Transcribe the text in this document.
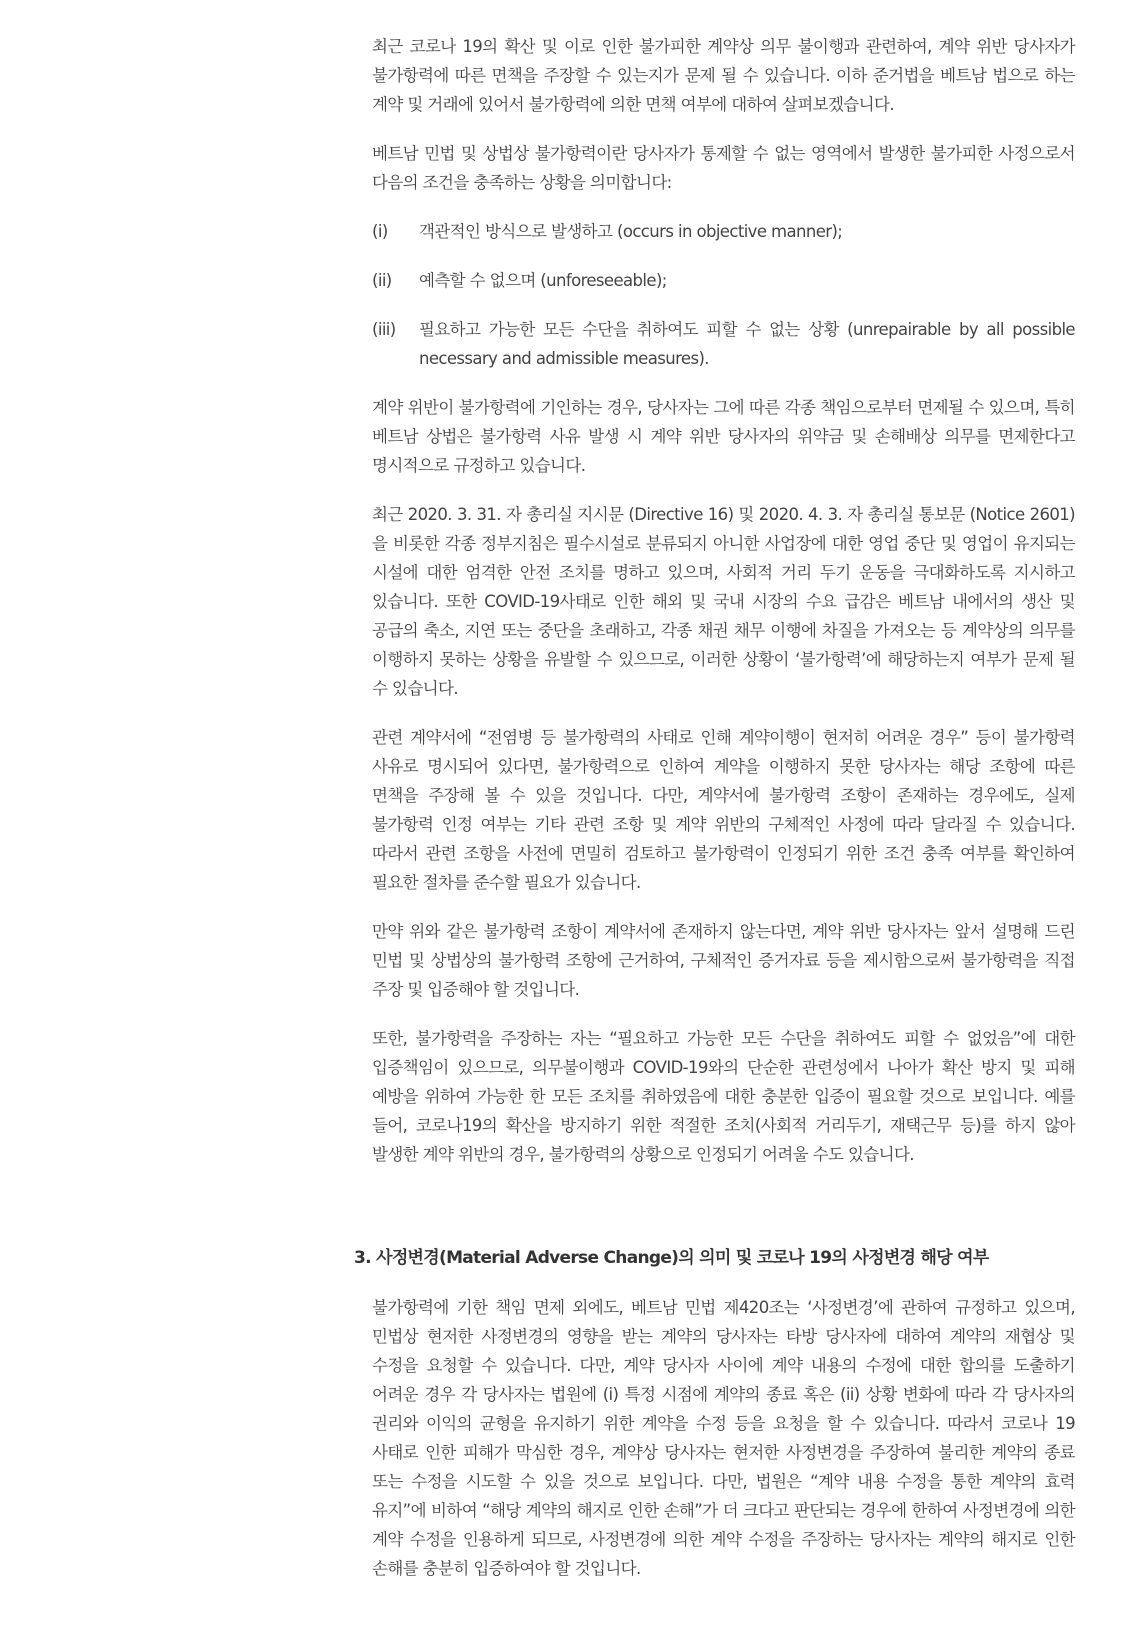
최근 코로나 19의 확산 및 이로 인한 불가피한 계약상 의무 불이행과 관련하여, 계약 위반 당사자가 불가항력에 따른 면책을 주장할 수 있는지가 문제 될 수 있습니다. 이하 준거법을 베트남 법으로 하는 계약 및 거래에 있어서 불가항력에 의한 면책 여부에 대하여 살펴보겠습니다.

베트남 민법 및 상법상 불가항력이란 당사자가 통제할 수 없는 영역에서 발생한 불가피한 사정으로서 다음의 조건을 충족하는 상황을 의미합니다:

(i)	객관적인 방식으로 발생하고 (occurs in objective manner);
(ii)	예측할 수 없으며 (unforeseeable);
(iii)	필요하고 가능한 모든 수단을 취하여도 피할 수 없는 상황 (unrepairable by all possible necessary and admissible measures).

계약 위반이 불가항력에 기인하는 경우, 당사자는 그에 따른 각종 책임으로부터 면제될 수 있으며, 특히 베트남 상법은 불가항력 사유 발생 시 계약 위반 당사자의 위약금 및 손해배상 의무를 면제한다고 명시적으로 규정하고 있습니다.

최근 2020. 3. 31. 자 총리실 지시문 (Directive 16) 및 2020. 4. 3. 자 총리실 통보문 (Notice 2601)을 비롯한 각종 정부지침은 필수시설로 분류되지 아니한 사업장에 대한 영업 중단 및 영업이 유지되는 시설에 대한 엄격한 안전 조치를 명하고 있으며, 사회적 거리 두기 운동을 극대화하도록 지시하고 있습니다. 또한 COVID-19사태로 인한 해외 및 국내 시장의 수요 급감은 베트남 내에서의 생산 및 공급의 축소, 지연 또는 중단을 초래하고, 각종 채권 채무 이행에 차질을 가져오는 등 계약상의 의무를 이행하지 못하는 상황을 유발할 수 있으므로, 이러한 상황이 ‘불가항력’에 해당하는지 여부가 문제 될 수 있습니다.

관련 계약서에 “전염병 등 불가항력의 사태로 인해 계약이행이 현저히 어려운 경우” 등이 불가항력 사유로 명시되어 있다면, 불가항력으로 인하여 계약을 이행하지 못한 당사자는 해당 조항에 따른 면책을 주장해 볼 수 있을 것입니다. 다만, 계약서에 불가항력 조항이 존재하는 경우에도, 실제 불가항력 인정 여부는 기타 관련 조항 및 계약 위반의 구체적인 사정에 따라 달라질 수 있습니다. 따라서 관련 조항을 사전에 면밀히 검토하고 불가항력이 인정되기 위한 조건 충족 여부를 확인하여 필요한 절차를 준수할 필요가 있습니다.

만약 위와 같은 불가항력 조항이 계약서에 존재하지 않는다면, 계약 위반 당사자는 앞서 설명해 드린 민법 및 상법상의 불가항력 조항에 근거하여, 구체적인 증거자료 등을 제시함으로써 불가항력을 직접 주장 및 입증해야 할 것입니다.

또한, 불가항력을 주장하는 자는 “필요하고 가능한 모든 수단을 취하여도 피할 수 없었음”에 대한 입증책임이 있으므로, 의무불이행과 COVID-19와의 단순한 관련성에서 나아가 확산 방지 및 피해 예방을 위하여 가능한 한 모든 조치를 취하였음에 대한 충분한 입증이 필요할 것으로 보입니다. 예를 들어, 코로나19의 확산을 방지하기 위한 적절한 조치(사회적 거리두기, 재택근무 등)를 하지 않아 발생한 계약 위반의 경우, 불가항력의 상황으로 인정되기 어려울 수도 있습니다.

3. 사정변경(Material Adverse Change)의 의미 및 코로나 19의 사정변경 해당 여부

불가항력에 기한 책임 면제 외에도, 베트남 민법 제420조는 ‘사정변경’에 관하여 규정하고 있으며, 민법상 현저한 사정변경의 영향을 받는 계약의 당사자는 타방 당사자에 대하여 계약의 재협상 및 수정을 요청할 수 있습니다. 다만, 계약 당사자 사이에 계약 내용의 수정에 대한 합의를 도출하기 어려운 경우 각 당사자는 법원에 (i) 특정 시점에 계약의 종료 혹은 (ii) 상황 변화에 따라 각 당사자의 권리와 이익의 균형을 유지하기 위한 계약을 수정 등을 요청을 할 수 있습니다. 따라서 코로나 19 사태로 인한 피해가 막심한 경우, 계약상 당사자는 현저한 사정변경을 주장하여 불리한 계약의 종료 또는 수정을 시도할 수 있을 것으로 보입니다. 다만, 법원은 “계약 내용 수정을 통한 계약의 효력 유지”에 비하여 “해당 계약의 해지로 인한 손해”가 더 크다고 판단되는 경우에 한하여 사정변경에 의한 계약 수정을 인용하게 되므로, 사정변경에 의한 계약 수정을 주장하는 당사자는 계약의 해지로 인한 손해를 충분히 입증하여야 할 것입니다.
